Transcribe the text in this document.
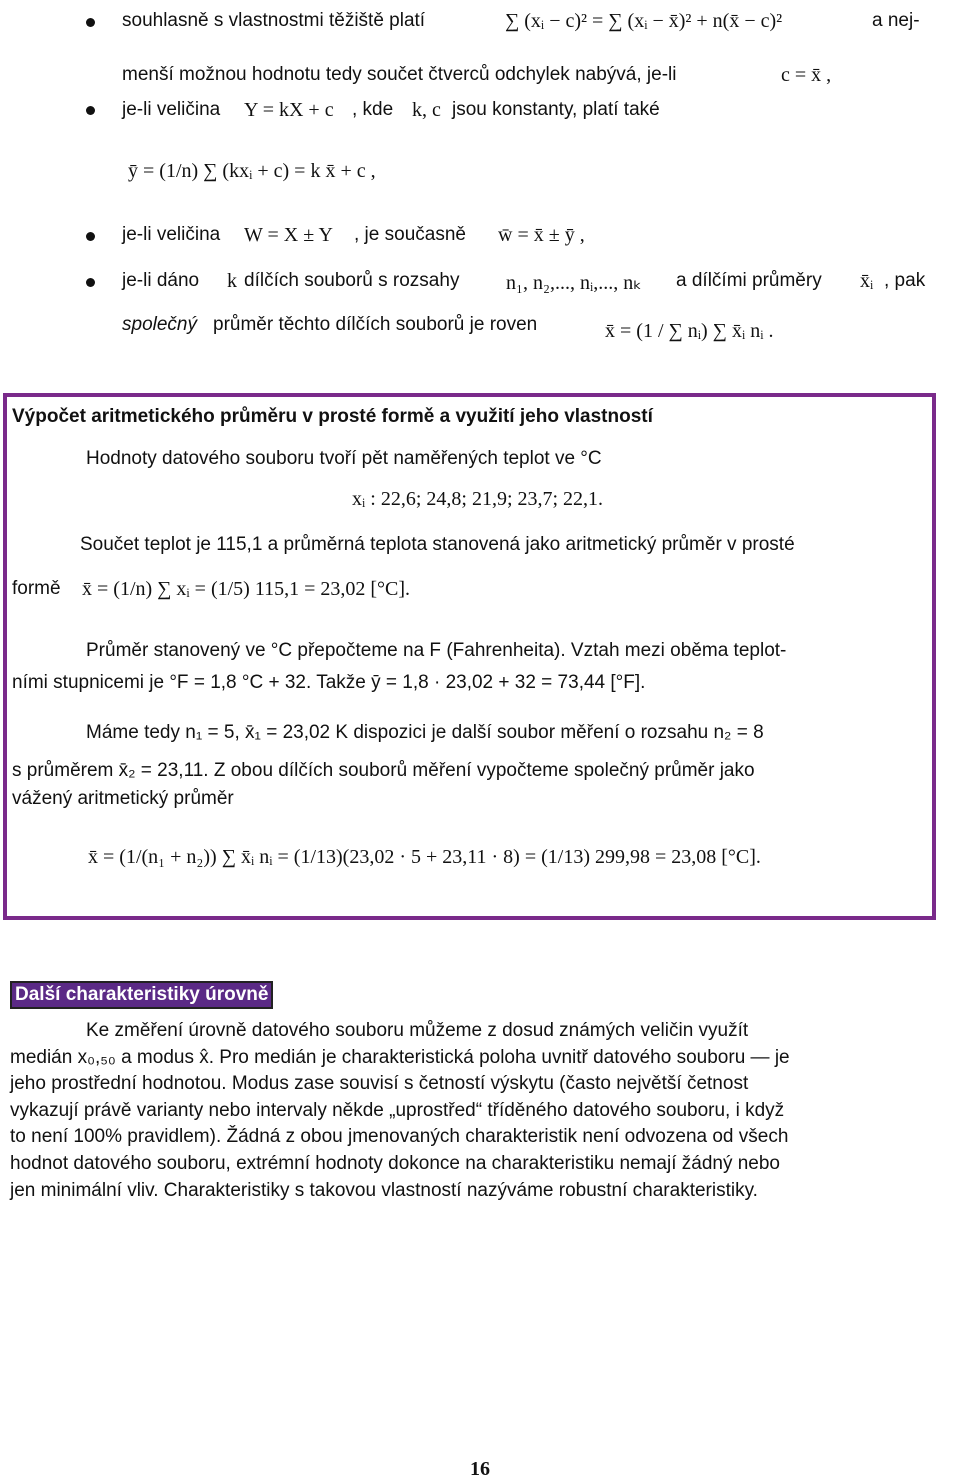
souhlasně s vlastnostmi těžiště platí	∑ (xᵢ − c)² = ∑ (xᵢ − x̄)² + n(x̄ − c)²	a nej-
menší možnou hodnotu tedy součet čtverců odchylek nabývá, je-li	c = x̄ ,
je-li veličina Y = kX + c , kde k, c jsou konstanty, platí také
ȳ = (1/n) ∑ (kxᵢ + c) = k x̄ + c ,
je-li veličina W = X ± Y , je současně w̄ = x̄ ± ȳ ,
je-li dáno k dílčích souborů s rozsahy n₁, n₂,..., nᵢ,..., nₖ a dílčími průměry x̄ᵢ , pak
společný průměr těchto dílčích souborů je roven	x̄ = (1 / ∑ nᵢ) ∑ x̄ᵢ nᵢ .
Výpočet aritmetického průměru v prosté formě a využití jeho vlastností
Hodnoty datového souboru tvoří pět naměřených teplot ve °C
xᵢ : 22,6; 24,8; 21,9; 23,7; 22,1.
Součet teplot je 115,1 a průměrná teplota stanovená jako aritmetický průměr v prosté
formě x̄ = (1/n) ∑ xᵢ = (1/5) 115,1 = 23,02 [°C].
Průměr stanovený ve °C přepočteme na F (Fahrenheita). Vztah mezi oběma teplot-
ními stupnicemi je °F = 1,8 °C + 32. Takže ȳ = 1,8 · 23,02 + 32 = 73,44 [°F].
Máme tedy n₁ = 5, x̄₁ = 23,02 K dispozici je další soubor měření o rozsahu n₂ = 8
s průměrem x̄₂ = 23,11. Z obou dílčích souborů měření vypočteme společný průměr jako
vážený aritmetický průměr
x̄ = (1/(n₁ + n₂)) ∑ x̄ᵢ nᵢ = (1/13)(23,02 · 5 + 23,11 · 8) = (1/13) 299,98 = 23,08 [°C].
Další charakteristiky úrovně
Ke změření úrovně datového souboru můžeme z dosud známých veličin využít
medián x₀,₅₀ a modus x̂. Pro medián je charakteristická poloha uvnitř datového souboru — je
jeho prostřední hodnotou. Modus zase souvisí s četností výskytu (často největší četnost
vykazují právě varianty nebo intervaly někde „uprostřed“ tříděného datového souboru, i když
to není 100% pravidlem). Žádná z obou jmenovaných charakteristik není odvozena od všech
hodnot datového souboru, extrémní hodnoty dokonce na charakteristiku nemají žádný nebo
jen minimální vliv. Charakteristiky s takovou vlastností nazýváme robustní charakteristiky.
16
